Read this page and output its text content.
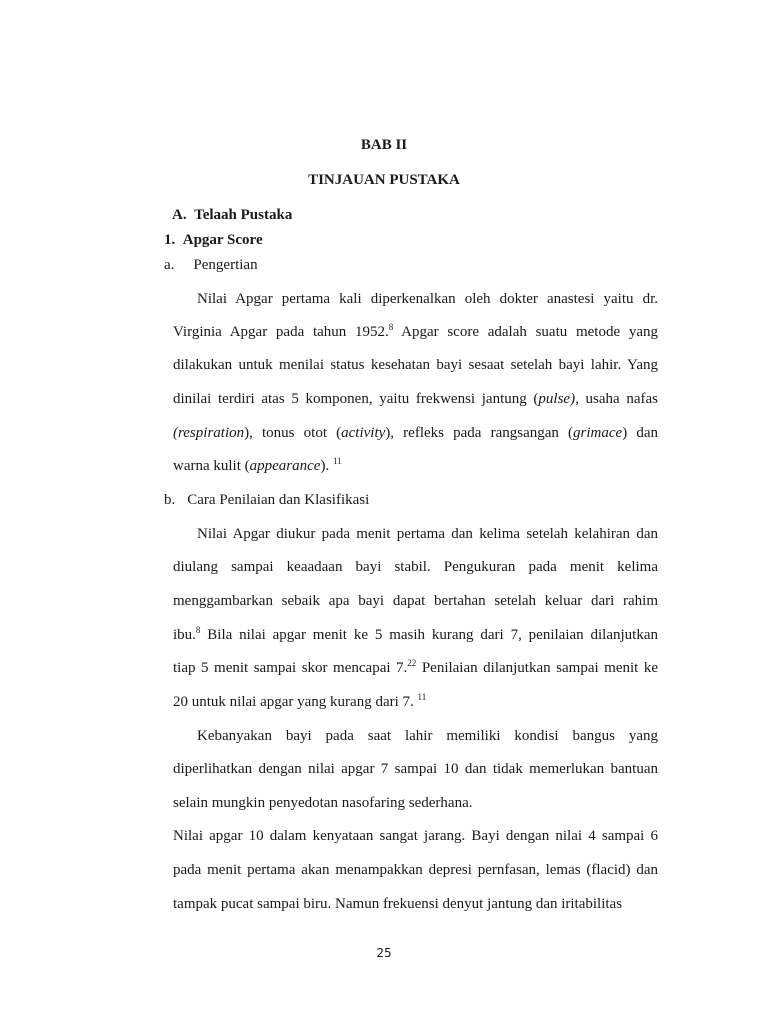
BAB II
TINJAUAN PUSTAKA
A. Telaah Pustaka
1. Apgar Score
a. Pengertian
Nilai Apgar pertama kali diperkenalkan oleh dokter anastesi yaitu dr.
Virginia Apgar pada tahun 1952.$^8$ Apgar score adalah suatu metode yang
dilakukan untuk menilai status kesehatan bayi sesaat setelah bayi lahir. Yang
dinilai terdiri atas 5 komponen, yaitu frekwensi jantung (pulse), usaha nafas
(respiration), tonus otot (activity), refleks pada rangsangan (grimace) dan
warna kulit (appearance). $^{11}$
b. Cara Penilaian dan Klasifikasi
Nilai Apgar diukur pada menit pertama dan kelima setelah kelahiran dan
diulang sampai keaadaan bayi stabil. Pengukuran pada menit kelima
menggambarkan sebaik apa bayi dapat bertahan setelah keluar dari rahim
ibu.$^8$ Bila nilai apgar menit ke 5 masih kurang dari 7, penilaian dilanjutkan
tiap 5 menit sampai skor mencapai 7.22 Penilaian dilanjutkan sampai menit ke
20 untuk nilai apgar yang kurang dari 7. $^{11}$
Kebanyakan bayi pada saat lahir memiliki kondisi bangus yang
diperlihatkan dengan nilai apgar 7 sampai 10 dan tidak memerlukan bantuan
selain mungkin penyedotan nasofaring sederhana.
Nilai apgar 10 dalam kenyataan sangat jarang. Bayi dengan nilai 4 sampai 6
pada menit pertama akan menampakkan depresi pernfasan, lemas (flacid) dan
tampak pucat sampai biru. Namun frekuensi denyut jantung dan iritabilitas
25
